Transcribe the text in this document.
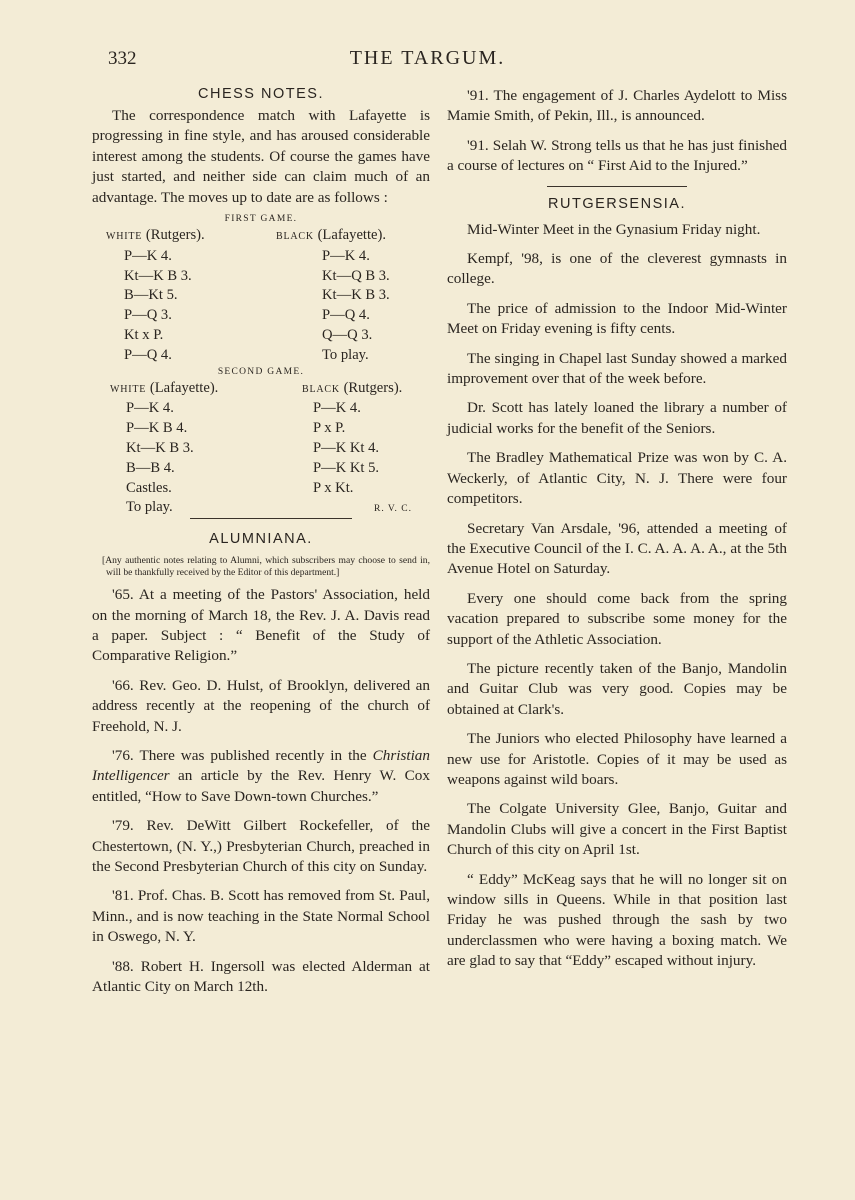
332	THE TARGUM.

CHESS NOTES.

The correspondence match with Lafayette is progressing in fine style, and has aroused considerable interest among the students. Of course the games have just started, and neither side can claim much of an advantage. The moves up to date are as follows :

FIRST GAME.

WHITE (Rutgers).	BLACK (Lafayette).
P—K 4.	P—K 4.
Kt—K B 3.	Kt—Q B 3.
B—Kt 5.	Kt—K B 3.
P—Q 3.	P—Q 4.
Kt x P.	Q—Q 3.
P—Q 4.	To play.

SECOND GAME.

WHITE (Lafayette).	BLACK (Rutgers).
P—K 4.	P—K 4.
P—K B 4.	P x P.
Kt—K B 3.	P—K Kt 4.
B—B 4.	P—K Kt 5.
Castles.	P x Kt.
To play.	R. V. C.

ALUMNIANA.

[Any authentic notes relating to Alumni, which subscribers may choose to send in, will be thankfully received by the Editor of this department.]

'65. At a meeting of the Pastors' Association, held on the morning of March 18, the Rev. J. A. Davis read a paper. Subject : “ Benefit of the Study of Comparative Religion.”

'66. Rev. Geo. D. Hulst, of Brooklyn, delivered an address recently at the reopening of the church of Freehold, N. J.

'76. There was published recently in the Christian Intelligencer an article by the Rev. Henry W. Cox entitled, “How to Save Down-town Churches.”

'79. Rev. DeWitt Gilbert Rockefeller, of the Chestertown, (N. Y.,) Presbyterian Church, preached in the Second Presbyterian Church of this city on Sunday.

'81. Prof. Chas. B. Scott has removed from St. Paul, Minn., and is now teaching in the State Normal School in Oswego, N. Y.

'88. Robert H. Ingersoll was elected Alderman at Atlantic City on March 12th.

'91. The engagement of J. Charles Aydelott to Miss Mamie Smith, of Pekin, Ill., is announced.

'91. Selah W. Strong tells us that he has just finished a course of lectures on “ First Aid to the Injured.”

RUTGERSENSIA.

Mid-Winter Meet in the Gynasium Friday night.

Kempf, '98, is one of the cleverest gymnasts in college.

The price of admission to the Indoor Mid-Winter Meet on Friday evening is fifty cents.

The singing in Chapel last Sunday showed a marked improvement over that of the week before.

Dr. Scott has lately loaned the library a number of judicial works for the benefit of the Seniors.

The Bradley Mathematical Prize was won by C. A. Weckerly, of Atlantic City, N. J. There were four competitors.

Secretary Van Arsdale, '96, attended a meeting of the Executive Council of the I. C. A. A. A. A., at the 5th Avenue Hotel on Saturday.

Every one should come back from the spring vacation prepared to subscribe some money for the support of the Athletic Association.

The picture recently taken of the Banjo, Mandolin and Guitar Club was very good. Copies may be obtained at Clark's.

The Juniors who elected Philosophy have learned a new use for Aristotle. Copies of it may be used as weapons against wild boars.

The Colgate University Glee, Banjo, Guitar and Mandolin Clubs will give a concert in the First Baptist Church of this city on April 1st.

“ Eddy” McKeag says that he will no longer sit on window sills in Queens. While in that position last Friday he was pushed through the sash by two underclassmen who were having a boxing match. We are glad to say that “Eddy” escaped without injury.
